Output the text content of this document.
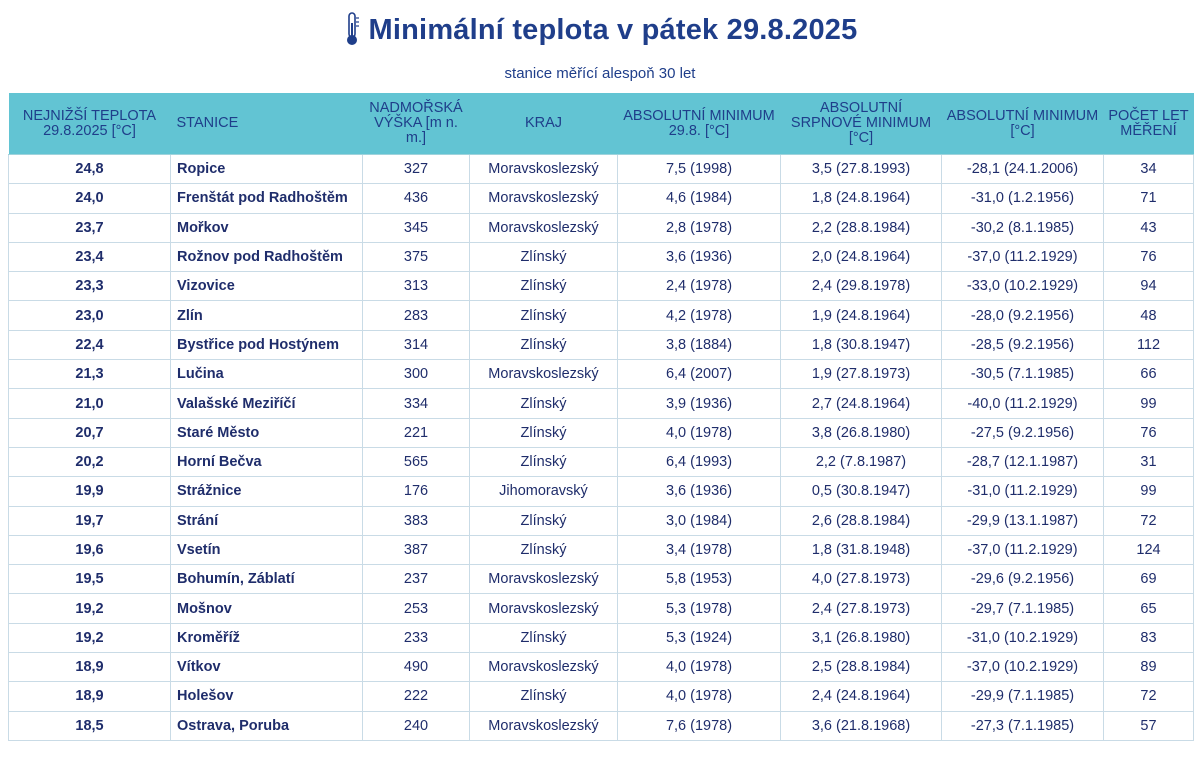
Minimální teplota v pátek 29.8.2025
stanice měřící alespoň 30 let
NEJNIŽŠÍ TEPLOTA 29.8.2025 [°C]	STANICE	NADMOŘSKÁ VÝŠKA [m n. m.]	KRAJ	ABSOLUTNÍ MINIMUM 29.8. [°C]	ABSOLUTNÍ SRPNOVÉ MINIMUM [°C]	ABSOLUTNÍ MINIMUM [°C]	POČET LET MĚŘENÍ
24,8	Ropice	327	Moravskoslezský	7,5 (1998)	3,5 (27.8.1993)	-28,1 (24.1.2006)	34
24,0	Frenštát pod Radhoštěm	436	Moravskoslezský	4,6 (1984)	1,8 (24.8.1964)	-31,0 (1.2.1956)	71
23,7	Mořkov	345	Moravskoslezský	2,8 (1978)	2,2 (28.8.1984)	-30,2 (8.1.1985)	43
23,4	Rožnov pod Radhoštěm	375	Zlínský	3,6 (1936)	2,0 (24.8.1964)	-37,0 (11.2.1929)	76
23,3	Vizovice	313	Zlínský	2,4 (1978)	2,4 (29.8.1978)	-33,0 (10.2.1929)	94
23,0	Zlín	283	Zlínský	4,2 (1978)	1,9 (24.8.1964)	-28,0 (9.2.1956)	48
22,4	Bystřice pod Hostýnem	314	Zlínský	3,8 (1884)	1,8 (30.8.1947)	-28,5 (9.2.1956)	112
21,3	Lučina	300	Moravskoslezský	6,4 (2007)	1,9 (27.8.1973)	-30,5 (7.1.1985)	66
21,0	Valašské Meziříčí	334	Zlínský	3,9 (1936)	2,7 (24.8.1964)	-40,0 (11.2.1929)	99
20,7	Staré Město	221	Zlínský	4,0 (1978)	3,8 (26.8.1980)	-27,5 (9.2.1956)	76
20,2	Horní Bečva	565	Zlínský	6,4 (1993)	2,2 (7.8.1987)	-28,7 (12.1.1987)	31
19,9	Strážnice	176	Jihomoravský	3,6 (1936)	0,5 (30.8.1947)	-31,0 (11.2.1929)	99
19,7	Strání	383	Zlínský	3,0 (1984)	2,6 (28.8.1984)	-29,9 (13.1.1987)	72
19,6	Vsetín	387	Zlínský	3,4 (1978)	1,8 (31.8.1948)	-37,0 (11.2.1929)	124
19,5	Bohumín, Záblatí	237	Moravskoslezský	5,8 (1953)	4,0 (27.8.1973)	-29,6 (9.2.1956)	69
19,2	Mošnov	253	Moravskoslezský	5,3 (1978)	2,4 (27.8.1973)	-29,7 (7.1.1985)	65
19,2	Kroměříž	233	Zlínský	5,3 (1924)	3,1 (26.8.1980)	-31,0 (10.2.1929)	83
18,9	Vítkov	490	Moravskoslezský	4,0 (1978)	2,5 (28.8.1984)	-37,0 (10.2.1929)	89
18,9	Holešov	222	Zlínský	4,0 (1978)	2,4 (24.8.1964)	-29,9 (7.1.1985)	72
18,5	Ostrava, Poruba	240	Moravskoslezský	7,6 (1978)	3,6 (21.8.1968)	-27,3 (7.1.1985)	57
